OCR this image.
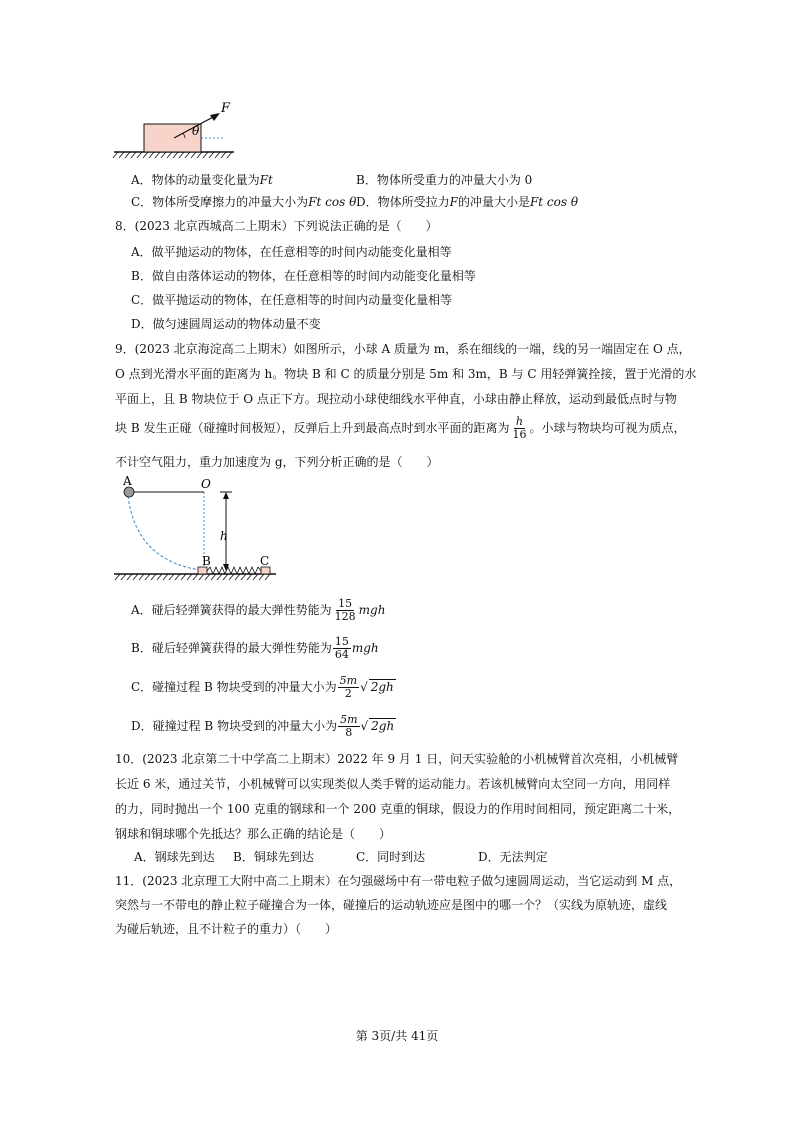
θ
F
A．物体的动量变化量为Ft	B．物体所受重力的冲量大小为 0
C．物体所受摩擦力的冲量大小为Ft cos θ D．物体所受拉力F的冲量大小是Ft cos θ
8．(2023 北京西城高二上期末）下列说法正确的是（　　）
A．做平抛运动的物体，在任意相等的时间内动能变化量相等
B．做自由落体运动的物体，在任意相等的时间内动能变化量相等
C．做平抛运动的物体，在任意相等的时间内动量变化量相等
D．做匀速圆周运动的物体动量不变
9．(2023 北京海淀高二上期末）如图所示，小球 A 质量为 m，系在细线的一端，线的另一端固定在 O 点，
O 点到光滑水平面的距离为 h。物块 B 和 C 的质量分别是 5m 和 3m，B 与 C 用轻弹簧拴接，置于光滑的水
平面上，且 B 物块位于 O 点正下方。现拉动小球使细线水平伸直，小球由静止释放，运动到最低点时与物
块 B 发生正碰（碰撞时间极短），反弹后上升到最高点时到水平面的距离为 $\frac{h}{16}$ 。小球与物块均可视为质点，
不计空气阻力，重力加速度为 g，下列分析正确的是（　　）
A	O
h
B	C
A．碰后轻弹簧获得的最大弹性势能为 $\frac{15}{128}$ mgh
B．碰后轻弹簧获得的最大弹性势能为 $\frac{15}{64}$ mgh
C．碰撞过程 B 物块受到的冲量大小为 $\frac{5m}{2}$ √ 2gh
D．碰撞过程 B 物块受到的冲量大小为 $\frac{5m}{8}$ √ 2gh
10．(2023 北京第二十中学高二上期末）2022 年 9 月 1 日，问天实验舱的小机械臂首次亮相，小机械臂
长近 6 米，通过关节，小机械臂可以实现类似人类手臂的运动能力。若该机械臂向太空同一方向，用同样
的力，同时抛出一个 100 克重的钢球和一个 200 克重的铜球，假设力的作用时间相同，预定距离二十米，
钢球和铜球哪个先抵达？那么正确的结论是（　　）
A．钢球先到达 B．铜球先到达	C．同时到达	D．无法判定
11．(2023 北京理工大附中高二上期末）在匀强磁场中有一带电粒子做匀速圆周运动，当它运动到 M 点，
突然与一不带电的静止粒子碰撞合为一体，碰撞后的运动轨迹应是图中的哪一个？（实线为原轨迹，虚线
为碰后轨迹，且不计粒子的重力）（　　）
第 3页/共 41页
